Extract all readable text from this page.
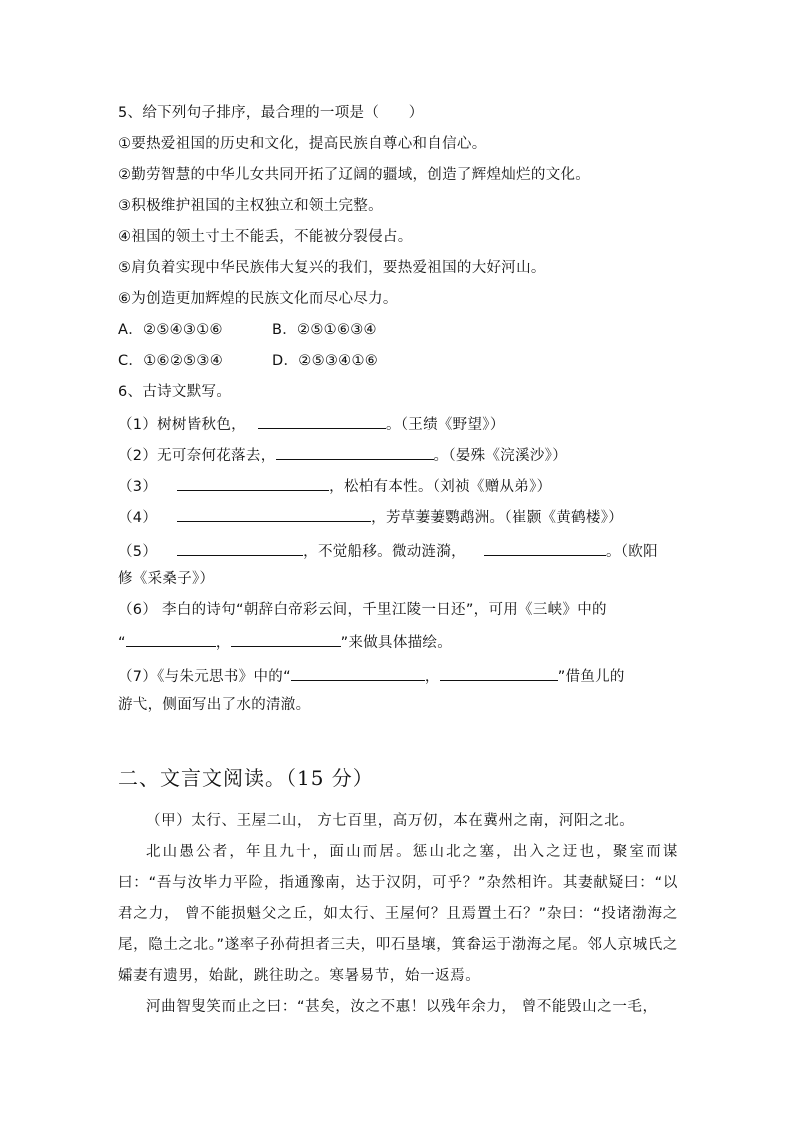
5、给下列句子排序，最合理的一项是（　　）
①要热爱祖国的历史和文化，提高民族自尊心和自信心。
②勤劳智慧的中华儿女共同开拓了辽阔的疆域，创造了辉煌灿烂的文化。
③积极维护祖国的主权独立和领土完整。
④祖国的领土寸土不能丢，不能被分裂侵占。
⑤肩负着实现中华民族伟大复兴的我们，要热爱祖国的大好河山。
⑥为创造更加辉煌的民族文化而尽心尽力。
A．②⑤④③①⑥	B．②⑤①⑥③④
C．①⑥②⑤③④	D．②⑤③④①⑥
6、古诗文默写。
（1）树树皆秋色，	。（王绩《野望》）
（2）无可奈何花落去，	。（晏殊《浣溪沙》）
（3）	，松柏有本性。（刘祯《赠从弟》）
（4）	，芳草萋萋鹦鹉洲。（崔颢《黄鹤楼》）
（5）	，不觉船移。微动涟漪，	。（欧阳
修《采桑子》）
（6） 李白的诗句“朝辞白帝彩云间，千里江陵一日还”，可用《三峡》中的
“	，	”来做具体描绘。
（7）《与朱元思书》中的“	，	”借鱼儿的
游弋，侧面写出了水的清澈。
二、文言文阅读。（15 分）
（甲）太行、王屋二山， 方七百里，高万仞，本在冀州之南，河阳之北。
北山愚公者，年且九十，面山而居。惩山北之塞，出入之迂也，聚室而谋曰：“吾与汝毕力平险，指通豫南，达于汉阴，可乎？”杂然相许。其妻献疑曰：“以君之力， 曾不能损魁父之丘，如太行、王屋何？且焉置土石？”杂曰：“投诸渤海之尾，隐土之北。”遂率子孙荷担者三夫，叩石垦壤，箕畚运于渤海之尾。邻人京城氏之孀妻有遗男，始龀，跳往助之。寒暑易节，始一返焉。
河曲智叟笑而止之曰：“甚矣，汝之不惠！以残年余力， 曾不能毁山之一毛，
